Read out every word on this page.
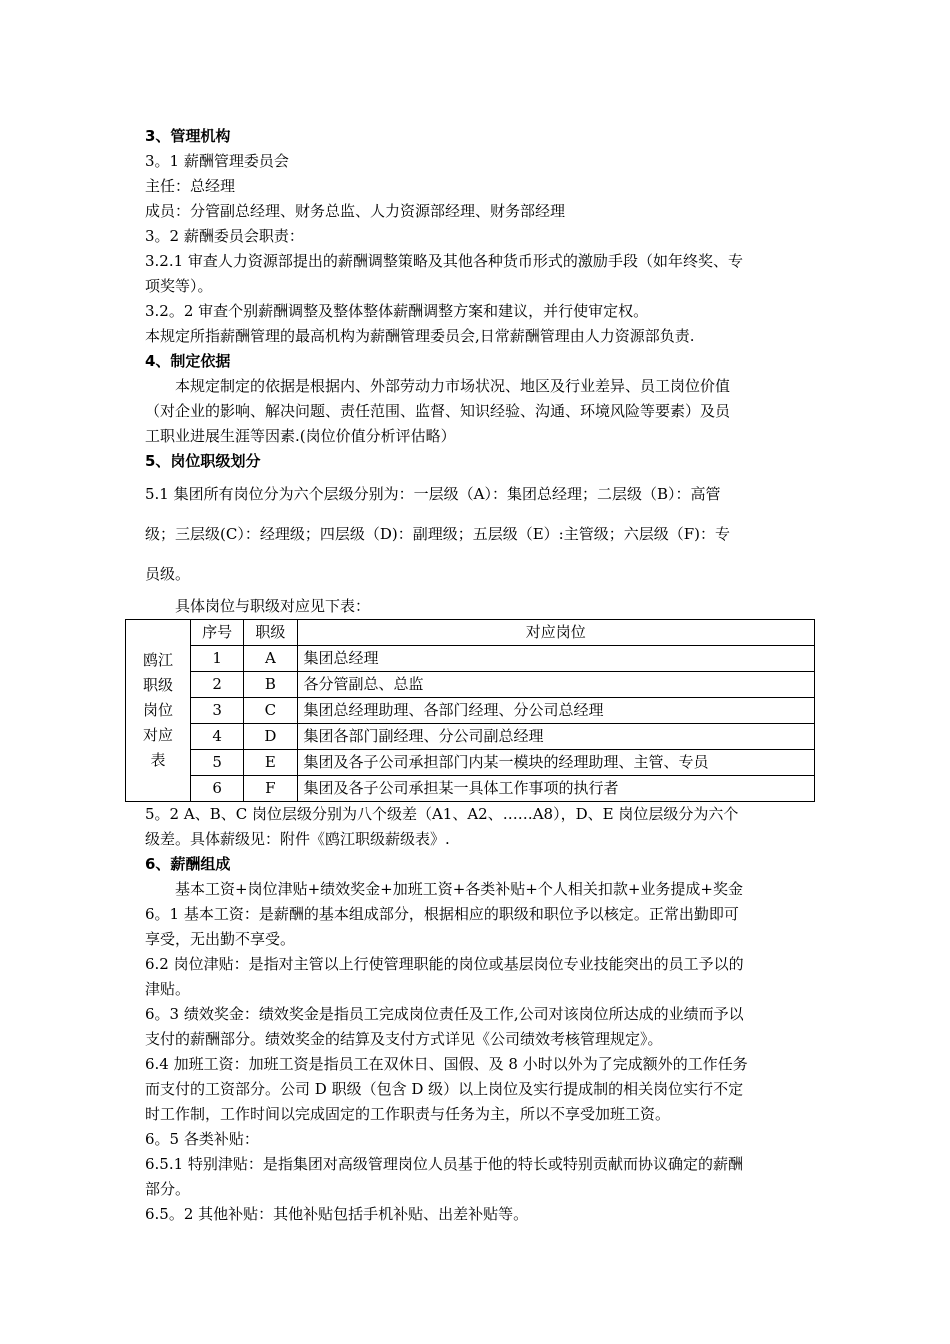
3、管理机构
3。1 薪酬管理委员会
主任：总经理
成员：分管副总经理、财务总监、人力资源部经理、财务部经理
3。2 薪酬委员会职责：
3.2.1 审查人力资源部提出的薪酬调整策略及其他各种货币形式的激励手段（如年终奖、专
项奖等）。
3.2。2 审查个别薪酬调整及整体整体薪酬调整方案和建议，并行使审定权。
本规定所指薪酬管理的最高机构为薪酬管理委员会,日常薪酬管理由人力资源部负责.
4、制定依据
本规定制定的依据是根据内、外部劳动力市场状况、地区及行业差异、员工岗位价值
（对企业的影响、解决问题、责任范围、监督、知识经验、沟通、环境风险等要素）及员
工职业进展生涯等因素.(岗位价值分析评估略）
5、岗位职级划分
5.1 集团所有岗位分为六个层级分别为：一层级（A）：集团总经理；二层级（B）：高管
级；三层级(C）：经理级；四层级（D)：副理级；五层级（E）:主管级；六层级（F)：专
员级。
具体岗位与职级对应见下表：
鸥江
职级
岗位
对应
表	序号	职级	对应岗位
	1	A	集团总经理
	2	B	各分管副总、总监
	3	C	集团总经理助理、各部门经理、分公司总经理
	4	D	集团各部门副经理、分公司副总经理
	5	E	集团及各子公司承担部门内某一模块的经理助理、主管、专员
	6	F	集团及各子公司承担某一具体工作事项的执行者
5。2 A、B、C 岗位层级分别为八个级差（A1、A2、……A8），D、E 岗位层级分为六个
级差。具体薪级见：附件《鸥江职级薪级表》.
6、薪酬组成
基本工资+岗位津贴+绩效奖金+加班工资+各类补贴+个人相关扣款+业务提成+奖金
6。1 基本工资：是薪酬的基本组成部分，根据相应的职级和职位予以核定。正常出勤即可
享受，无出勤不享受。
6.2 岗位津贴：是指对主管以上行使管理职能的岗位或基层岗位专业技能突出的员工予以的
津贴。
6。3 绩效奖金：绩效奖金是指员工完成岗位责任及工作,公司对该岗位所达成的业绩而予以
支付的薪酬部分。绩效奖金的结算及支付方式详见《公司绩效考核管理规定》。
6.4 加班工资：加班工资是指员工在双休日、国假、及 8 小时以外为了完成额外的工作任务
而支付的工资部分。公司 D 职级（包含 D 级）以上岗位及实行提成制的相关岗位实行不定
时工作制，工作时间以完成固定的工作职责与任务为主，所以不享受加班工资。
6。5 各类补贴：
6.5.1 特别津贴：是指集团对高级管理岗位人员基于他的特长或特别贡献而协议确定的薪酬
部分。
6.5。2 其他补贴：其他补贴包括手机补贴、出差补贴等。
